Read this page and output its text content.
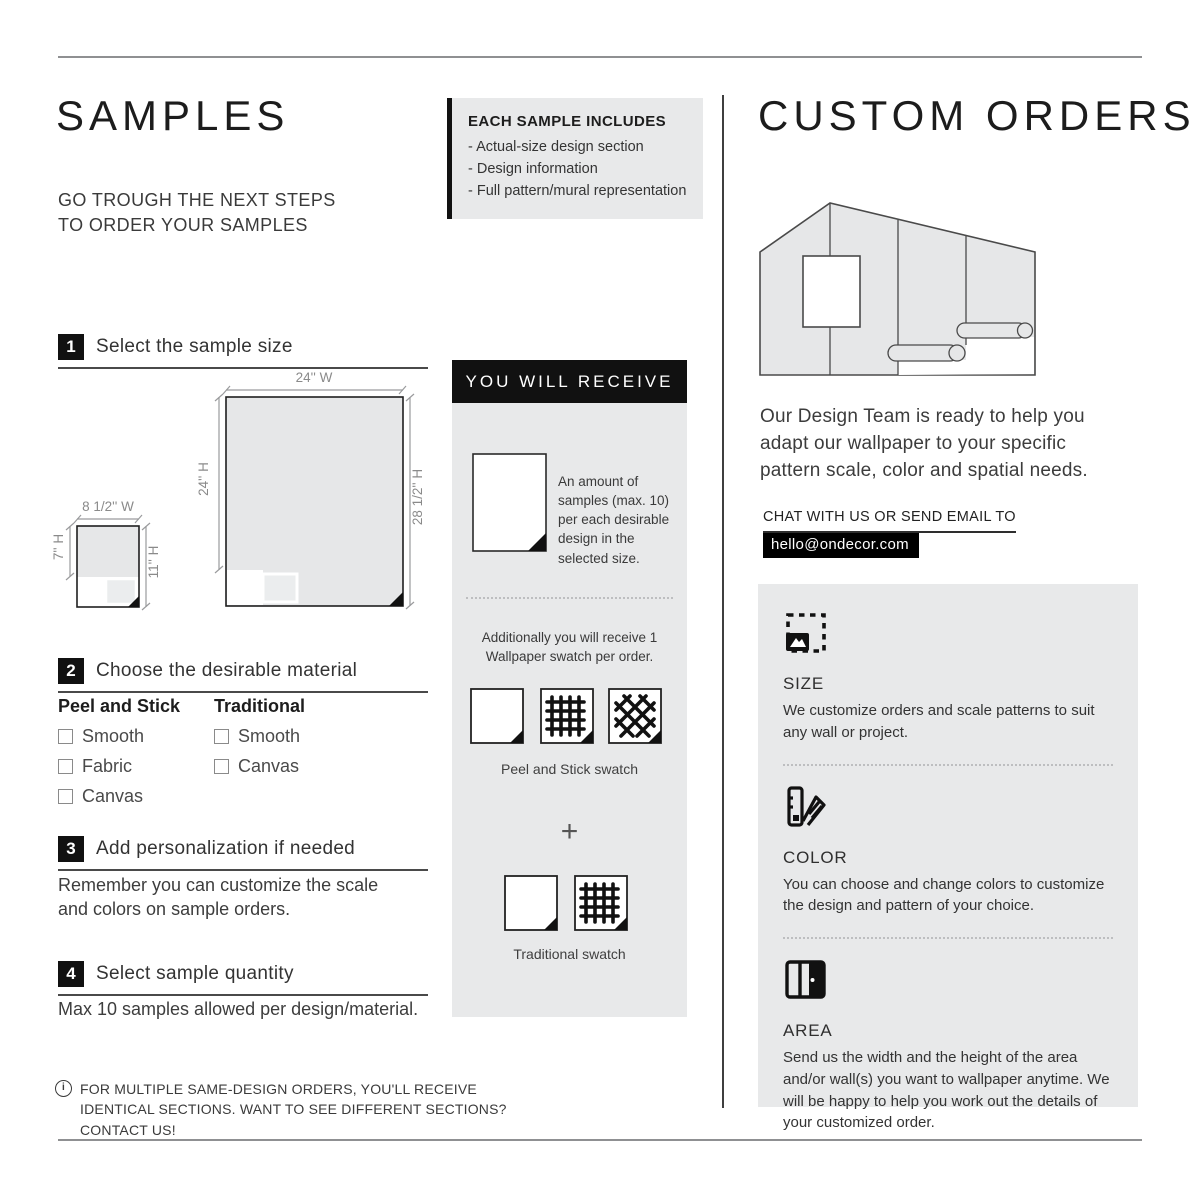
SAMPLES
GO TROUGH THE NEXT STEPS
TO ORDER YOUR SAMPLES
1	Select the sample size
24'' W
24'' H	28 1/2'' H
8 1/2'' W
7'' H	11'' H
2	Choose the desirable material
Peel and Stick
Smooth
Fabric
Canvas
Traditional
Smooth
Canvas
3	Add personalization if needed
Remember you can customize the scale and colors on sample orders.
4	Select sample quantity
Max 10 samples allowed per design/material.
i
FOR MULTIPLE SAME-DESIGN ORDERS, YOU'LL RECEIVE IDENTICAL SECTIONS. WANT TO SEE DIFFERENT SECTIONS? CONTACT US!
EACH SAMPLE INCLUDES
- Actual-size design section
- Design information
- Full pattern/mural representation
YOU WILL RECEIVE
An amount of samples (max. 10) per each desirable design in the selected size.
Additionally you will receive 1 Wallpaper swatch per order.
Peel and Stick swatch
+
Traditional swatch
CUSTOM ORDERS
Our Design Team is ready to help you adapt our wallpaper to your specific pattern scale, color and spatial needs.
CHAT WITH US OR SEND EMAIL TO
hello@ondecor.com
SIZE
We customize orders and scale patterns to suit any wall or project.
COLOR
You can choose and change colors to customize the design and pattern of your choice.
AREA
Send us the width and the height of the area and/or wall(s) you want to wallpaper anytime. We will be happy to help you work out the details of your customized order.
